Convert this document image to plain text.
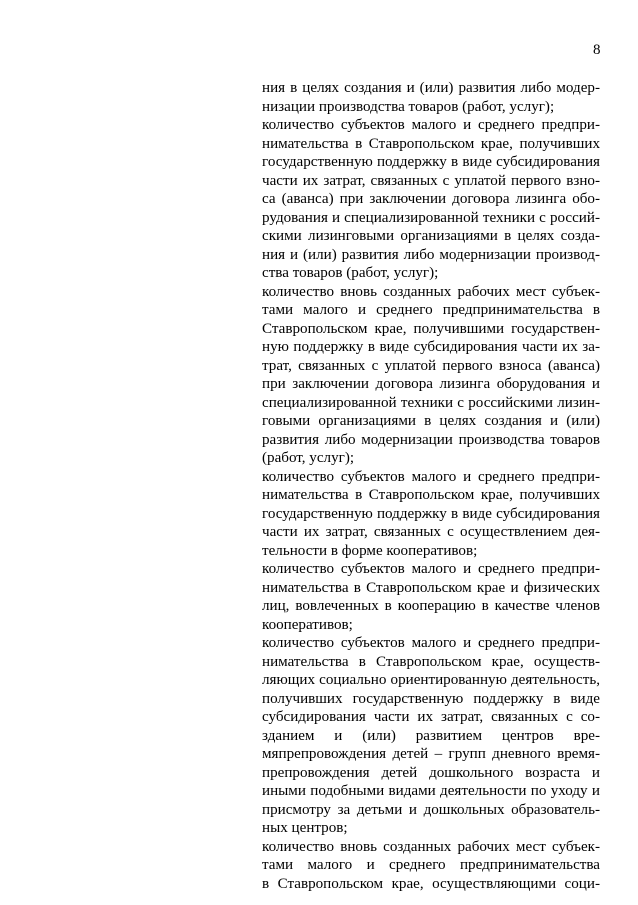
8
ния в целях создания и (или) развития либо модер-
низации производства товаров (работ, услуг);
количество субъектов малого и среднего предпри-
нимательства в Ставропольском крае, получивших
государственную поддержку в виде субсидирования
части их затрат, связанных с уплатой первого взно-
са (аванса) при заключении договора лизинга обо-
рудования и специализированной техники с россий-
скими лизинговыми организациями в целях созда-
ния и (или) развития либо модернизации производ-
ства товаров (работ, услуг);
количество вновь созданных рабочих мест субъек-
тами малого и среднего предпринимательства в
Ставропольском крае, получившими государствен-
ную поддержку в виде субсидирования части их за-
трат, связанных с уплатой первого взноса (аванса)
при заключении договора лизинга оборудования и
специализированной техники с российскими лизин-
говыми организациями в целях создания и (или)
развития либо модернизации производства товаров
(работ, услуг);
количество субъектов малого и среднего предпри-
нимательства в Ставропольском крае, получивших
государственную поддержку в виде субсидирования
части их затрат, связанных с осуществлением дея-
тельности в форме кооперативов;
количество субъектов малого и среднего предпри-
нимательства в Ставропольском крае и физических
лиц, вовлеченных в кооперацию в качестве членов
кооперативов;
количество субъектов малого и среднего предпри-
нимательства в Ставропольском крае, осуществ-
ляющих социально ориентированную деятельность,
получивших государственную поддержку в виде
субсидирования части их затрат, связанных с со-
зданием и (или) развитием центров вре-
мяпрепровождения детей – групп дневного время-
препровождения детей дошкольного возраста и
иными подобными видами деятельности по уходу и
присмотру за детьми и дошкольных образователь-
ных центров;
количество вновь созданных рабочих мест субъек-
тами малого и среднего предпринимательства
в Ставропольском крае, осуществляющими соци-
